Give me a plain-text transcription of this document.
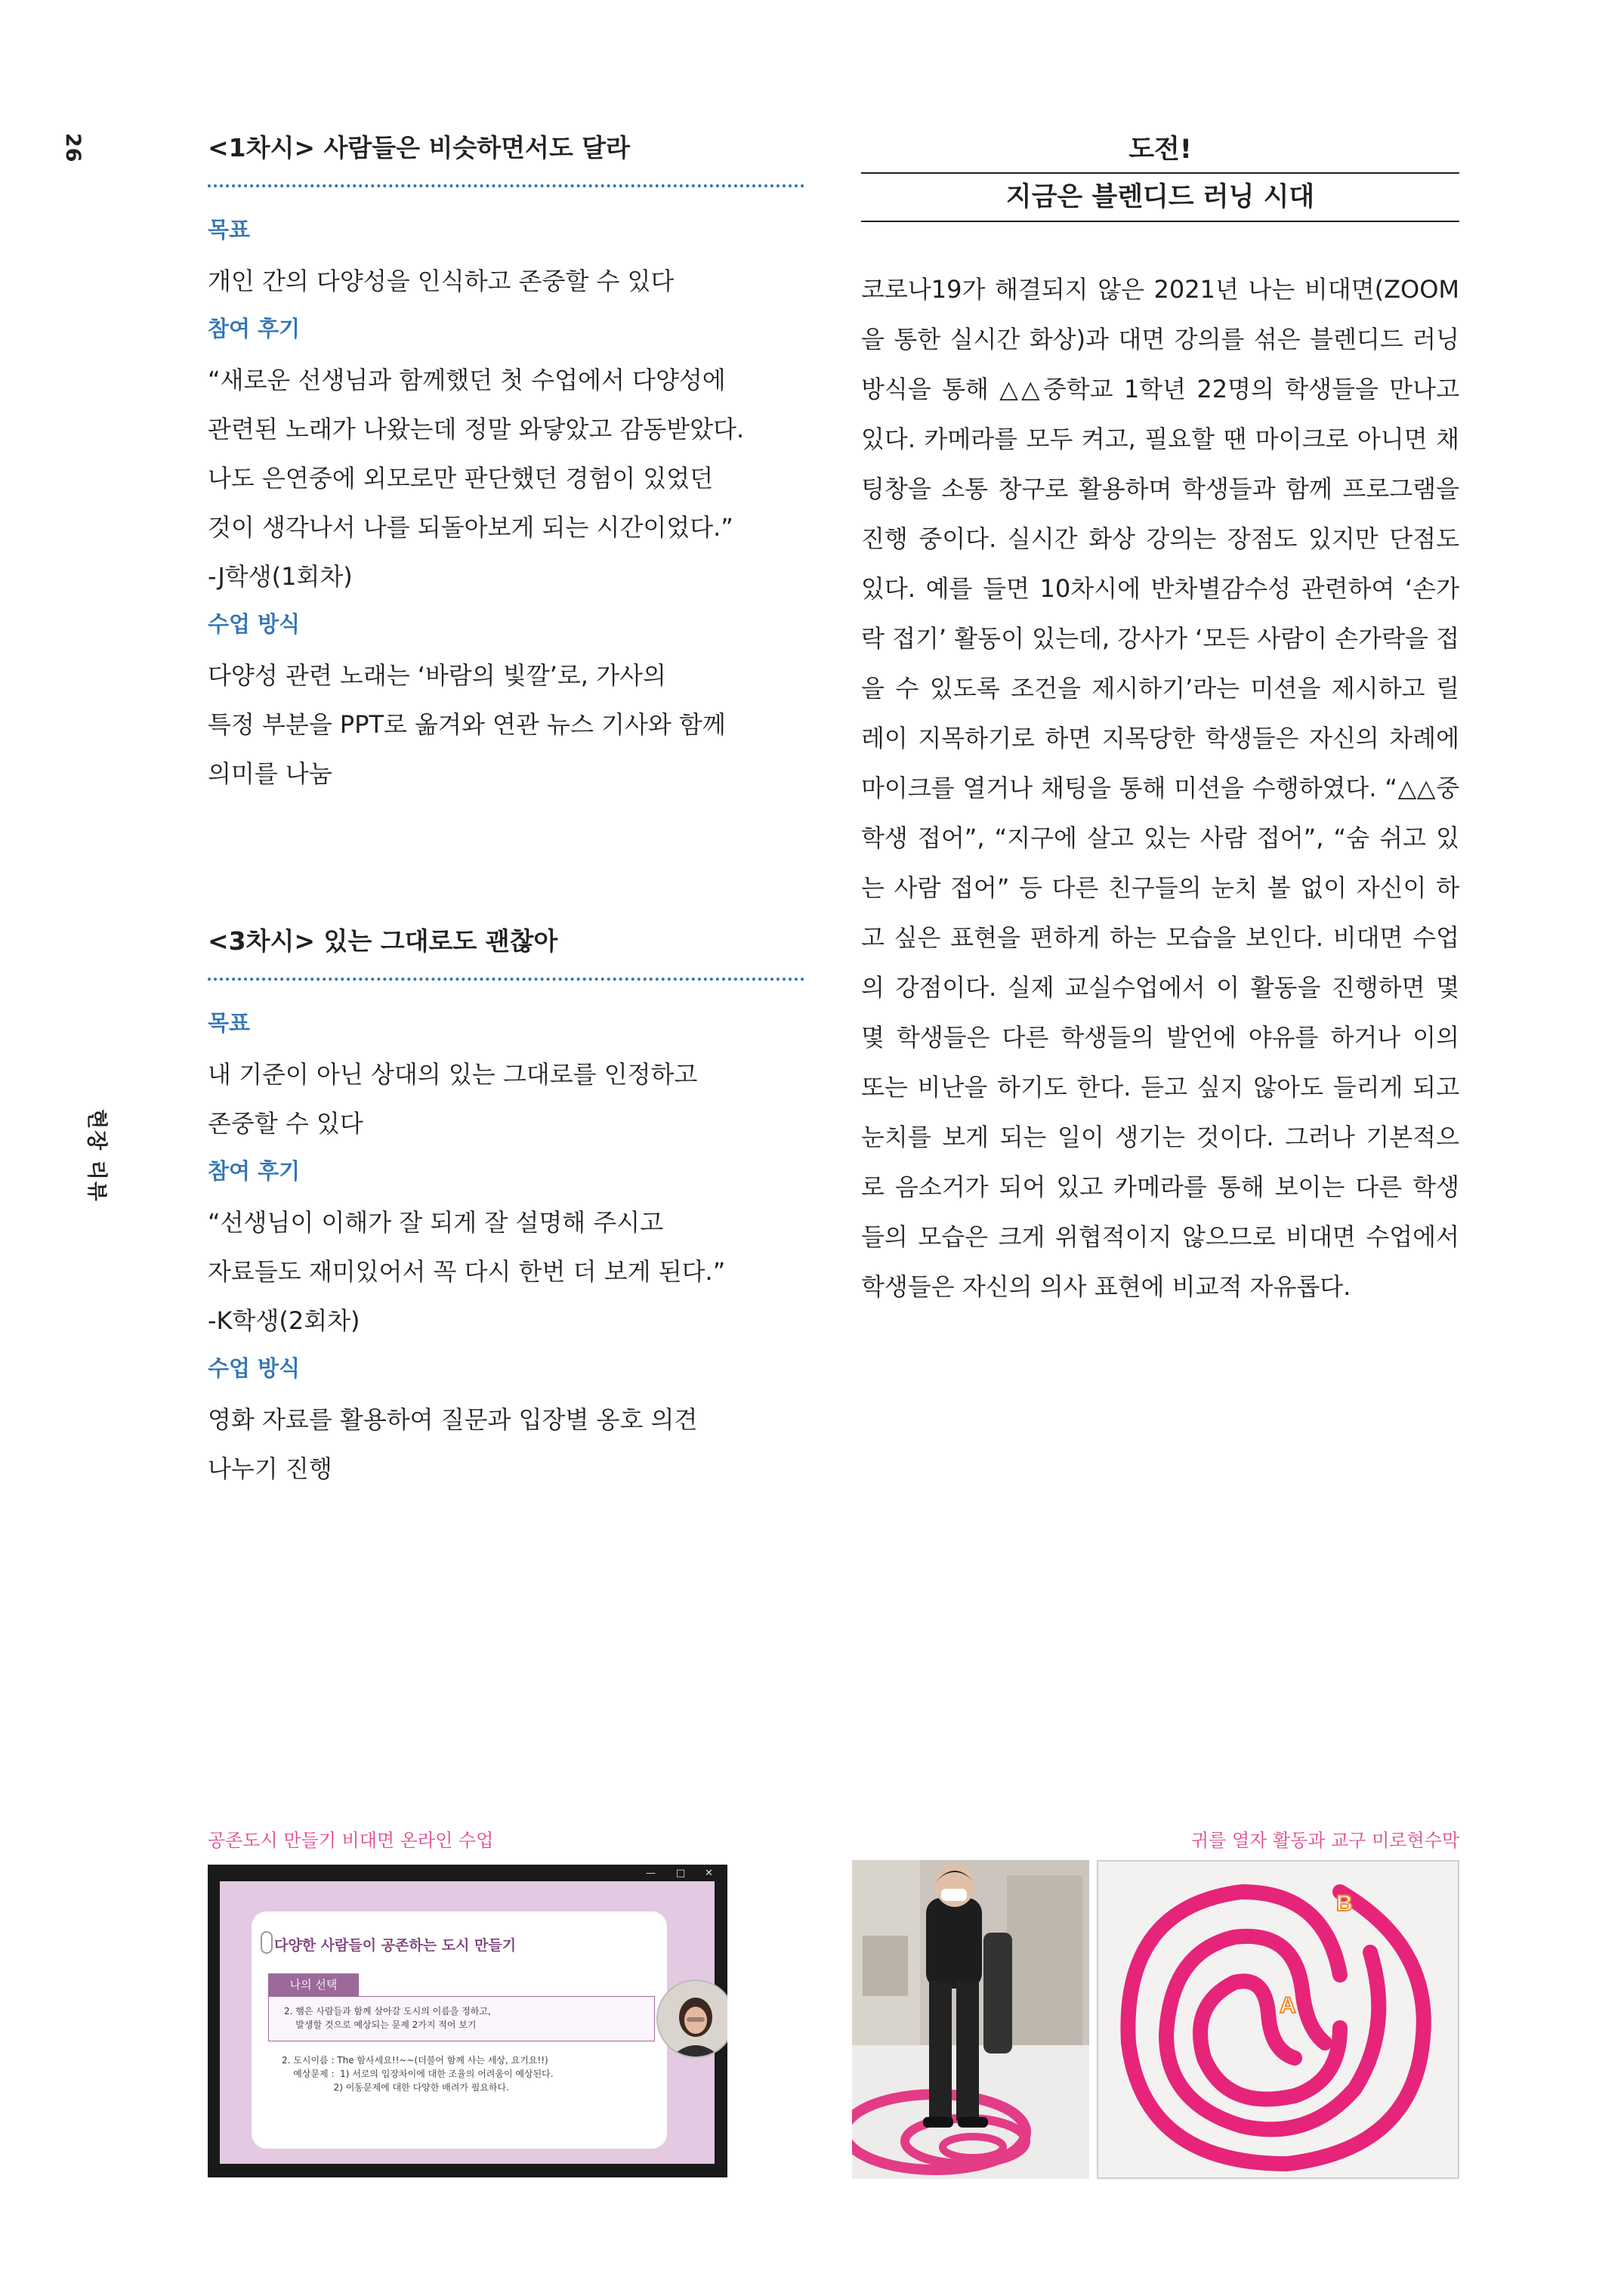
26
현장 리뷰
<1차시> 사람들은 비슷하면서도 달라
목표

개인 간의 다양성을 인식하고 존중할 수 있다

참여 후기

“새로운 선생님과 함께했던 첫 수업에서 다양성에

관련된 노래가 나왔는데 정말 와닿았고 감동받았다.

나도 은연중에 외모로만 판단했던 경험이 있었던

것이 생각나서 나를 되돌아보게 되는 시간이었다.”

-J학생(1회차)

수업 방식

다양성 관련 노래는 ‘바람의 빛깔’로, 가사의

특정 부분을 PPT로 옮겨와 연관 뉴스 기사와 함께

의미를 나눔

<3차시> 있는 그대로도 괜찮아
목표

내 기준이 아닌 상대의 있는 그대로를 인정하고

존중할 수 있다

참여 후기

“선생님이 이해가 잘 되게 잘 설명해 주시고

자료들도 재미있어서 꼭 다시 한번 더 보게 된다.”

-K학생(2회차)

수업 방식

영화 자료를 활용하여 질문과 입장별 옹호 의견

나누기 진행

도전!
지금은 블렌디드 러닝 시대

코로나19가 해결되지 않은 2021년 나는 비대면(ZOOM을 통한 실시간 화상)과 대면 강의를 섞은 블렌디드 러닝 방식을 통해 △△중학교 1학년 22명의 학생들을 만나고 있다. 카메라를 모두 켜고, 필요할 땐 마이크로 아니면 채팅창을 소통 창구로 활용하며 학생들과 함께 프로그램을 진행 중이다. 실시간 화상 강의는 장점도 있지만 단점도 있다. 예를 들면 10차시에 반차별감수성 관련하여 ‘손가락 접기’ 활동이 있는데, 강사가 ‘모든 사람이 손가락을 접을 수 있도록 조건을 제시하기’라는 미션을 제시하고 릴레이 지목하기로 하면 지목당한 학생들은 자신의 차례에 마이크를 열거나 채팅을 통해 미션을 수행하였다. “△△중 학생 접어”, “지구에 살고 있는 사람 접어”, “숨 쉬고 있는 사람 접어” 등 다른 친구들의 눈치 볼 없이 자신이 하고 싶은 표현을 편하게 하는 모습을 보인다. 비대면 수업의 강점이다. 실제 교실수업에서 이 활동을 진행하면 몇몇 학생들은 다른 학생들의 발언에 야유를 하거나 이의 또는 비난을 하기도 한다. 듣고 싶지 않아도 들리게 되고 눈치를 보게 되는 일이 생기는 것이다. 그러나 기본적으로 음소거가 되어 있고 카메라를 통해 보이는 다른 학생들의 모습은 크게 위협적이지 않으므로 비대면 수업에서 학생들은 자신의 의사 표현에 비교적 자유롭다.

공존도시 만들기 비대면 온라인 수업	귀를 열자 활동과 교구 미로현수막
— □ ✕
다양한 사람들이 공존하는 도시 만들기
나의 선택
2. 햄은 사람들과 함께 살아갈 도시의 이름을 정하고,
발생할 것으로 예상되는 문제 2가지 적어 보기
2. 도시이름 : The 함사세요!!~~(더불어 함께 사는 세상, 요기요!!)
예상문제 :  1) 서로의 입장차이에 대한 조율의 어려움이 예상된다.
2) 이동문제에 대한 다양한 배려가 필요하다.
B
A
